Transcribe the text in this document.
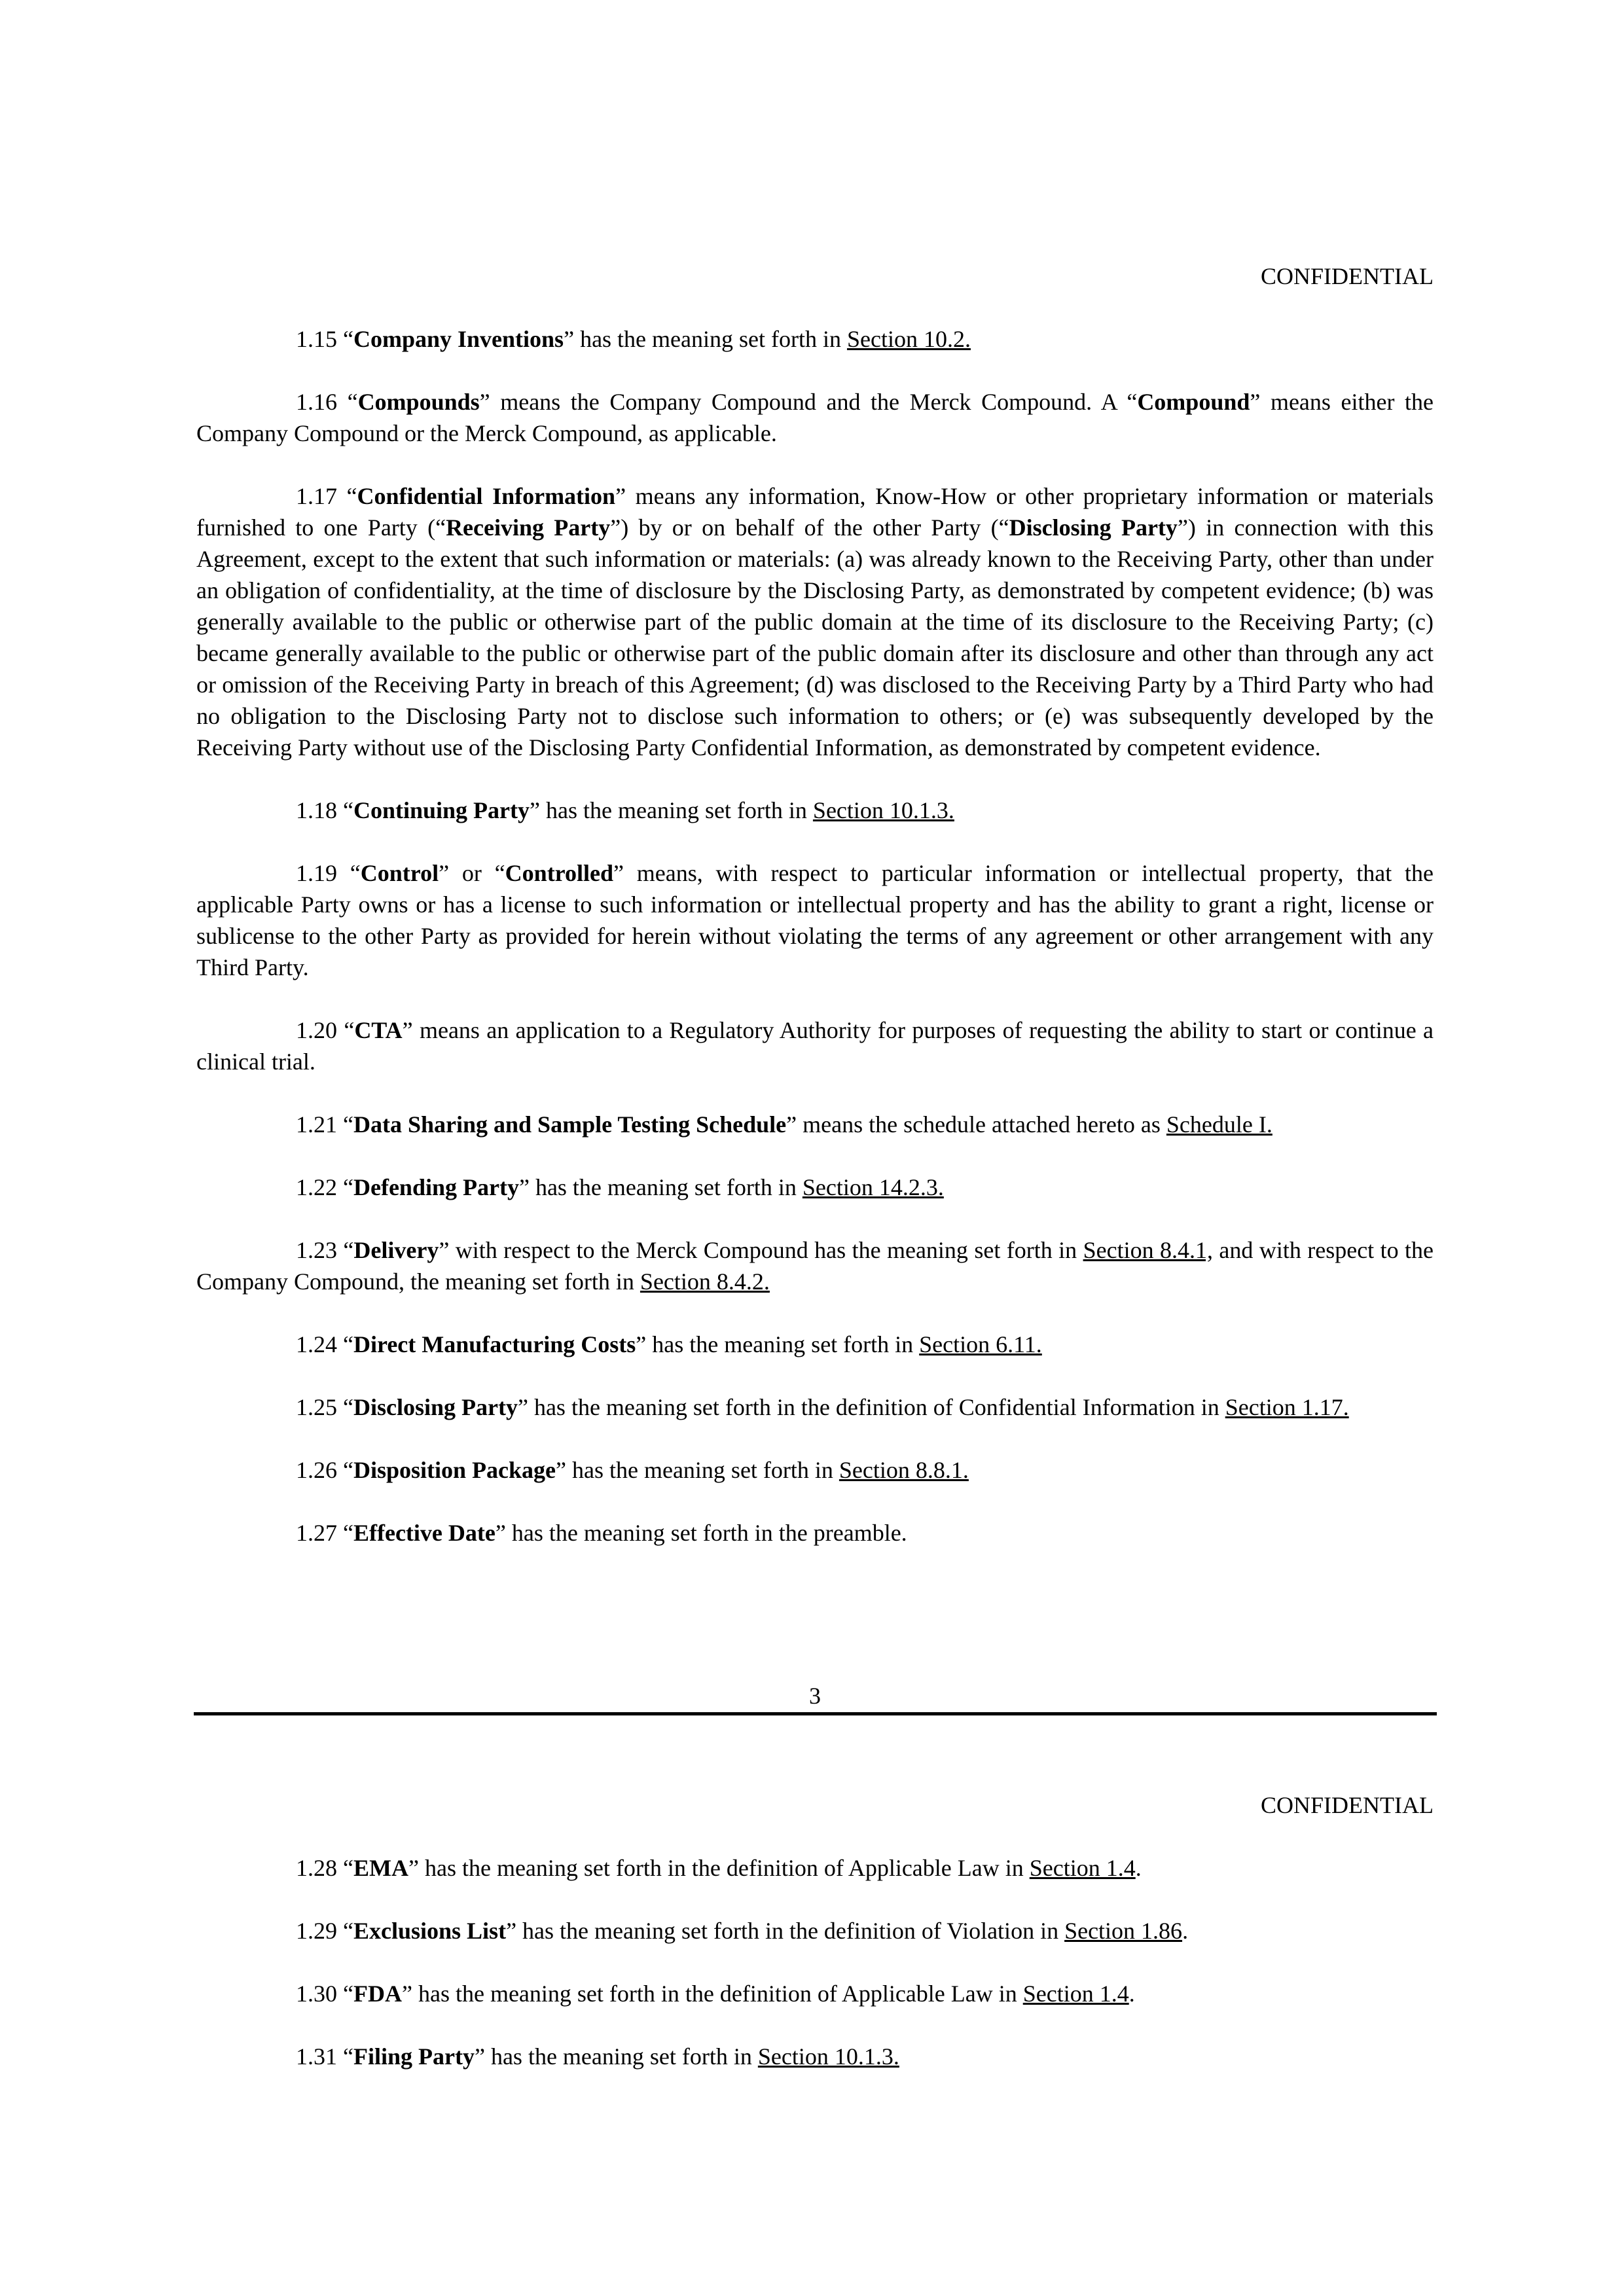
CONFIDENTIAL

1.15 “Company Inventions” has the meaning set forth in Section 10.2.

1.16 “Compounds” means the Company Compound and the Merck Compound. A “Compound” means either the Company Compound or the Merck Compound, as applicable.

1.17 “Confidential Information” means any information, Know-How or other proprietary information or materials furnished to one Party (“Receiving Party”) by or on behalf of the other Party (“Disclosing Party”) in connection with this Agreement, except to the extent that such information or materials: (a) was already known to the Receiving Party, other than under an obligation of confidentiality, at the time of disclosure by the Disclosing Party, as demonstrated by competent evidence; (b) was generally available to the public or otherwise part of the public domain at the time of its disclosure to the Receiving Party; (c) became generally available to the public or otherwise part of the public domain after its disclosure and other than through any act or omission of the Receiving Party in breach of this Agreement; (d) was disclosed to the Receiving Party by a Third Party who had no obligation to the Disclosing Party not to disclose such information to others; or (e) was subsequently developed by the Receiving Party without use of the Disclosing Party Confidential Information, as demonstrated by competent evidence.

1.18 “Continuing Party” has the meaning set forth in Section 10.1.3.

1.19 “Control” or “Controlled” means, with respect to particular information or intellectual property, that the applicable Party owns or has a license to such information or intellectual property and has the ability to grant a right, license or sublicense to the other Party as provided for herein without violating the terms of any agreement or other arrangement with any Third Party.

1.20 “CTA” means an application to a Regulatory Authority for purposes of requesting the ability to start or continue a clinical trial.

1.21 “Data Sharing and Sample Testing Schedule” means the schedule attached hereto as Schedule I.

1.22 “Defending Party” has the meaning set forth in Section 14.2.3.

1.23 “Delivery” with respect to the Merck Compound has the meaning set forth in Section 8.4.1, and with respect to the Company Compound, the meaning set forth in Section 8.4.2.

1.24 “Direct Manufacturing Costs” has the meaning set forth in Section 6.11.

1.25 “Disclosing Party” has the meaning set forth in the definition of Confidential Information in Section 1.17.

1.26 “Disposition Package” has the meaning set forth in Section 8.8.1.

1.27 “Effective Date” has the meaning set forth in the preamble.

3
CONFIDENTIAL

1.28 “EMA” has the meaning set forth in the definition of Applicable Law in Section 1.4.

1.29 “Exclusions List” has the meaning set forth in the definition of Violation in Section 1.86.

1.30 “FDA” has the meaning set forth in the definition of Applicable Law in Section 1.4.

1.31 “Filing Party” has the meaning set forth in Section 10.1.3.
